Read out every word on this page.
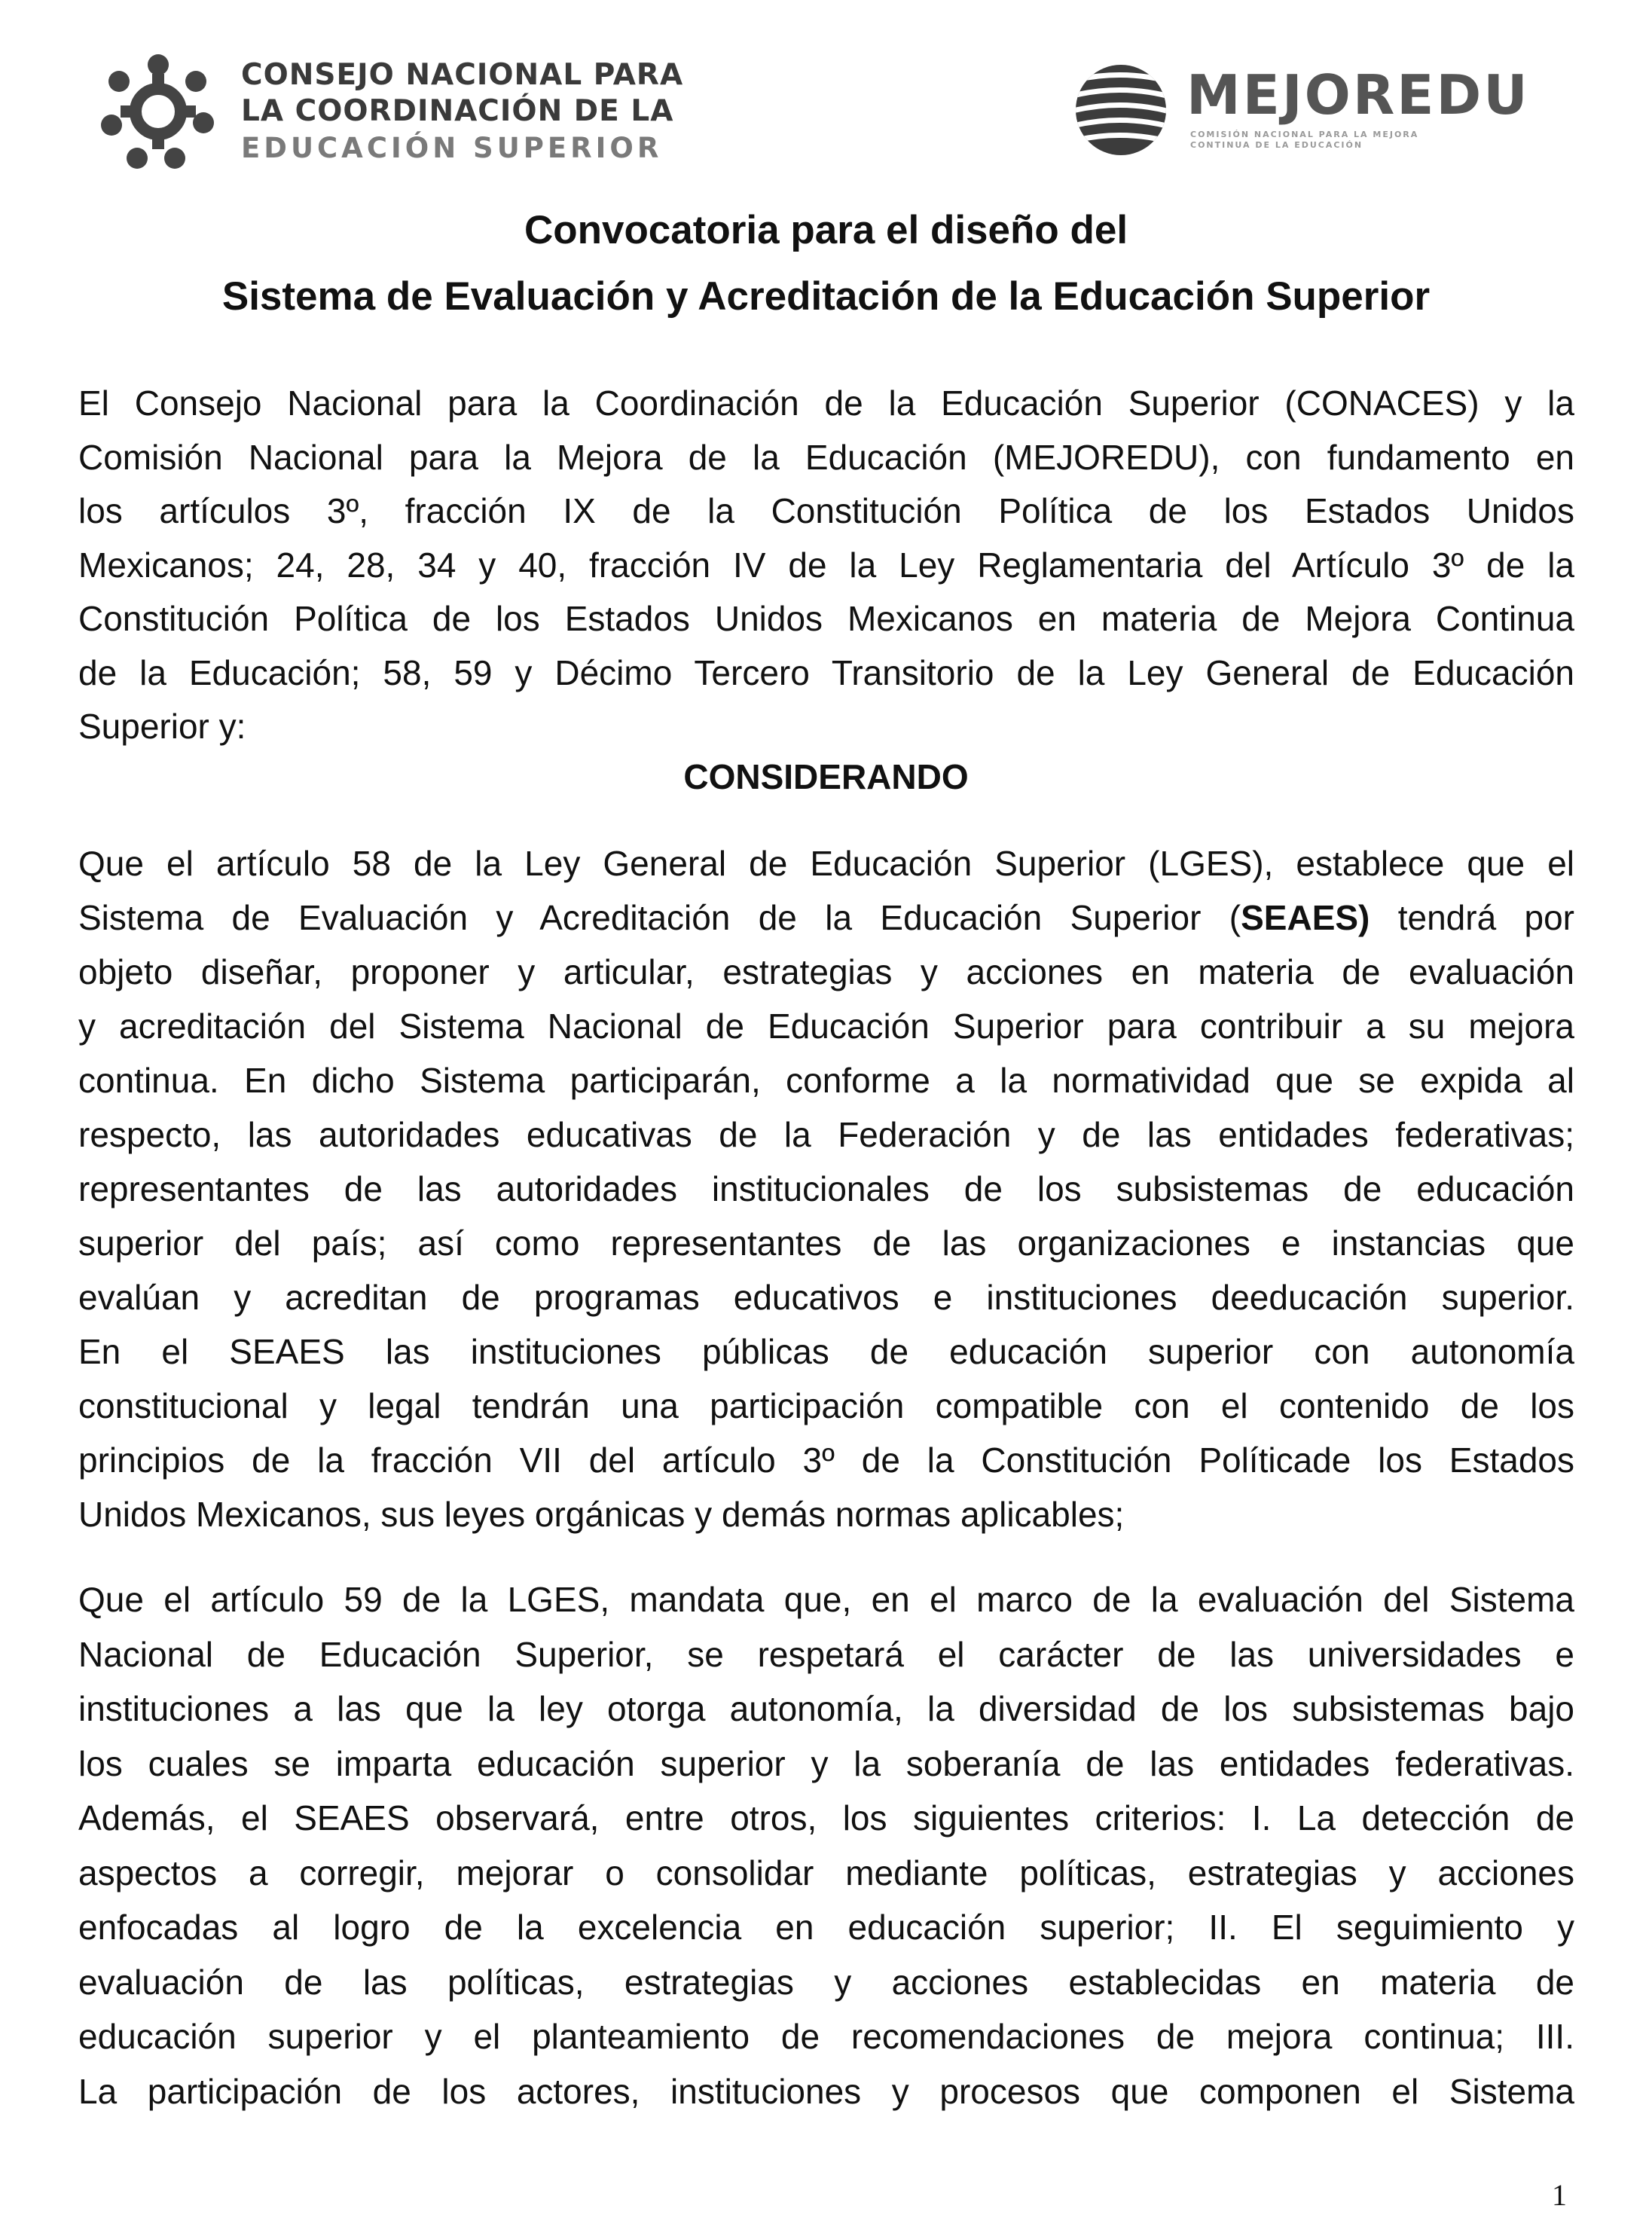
CONSEJO NACIONAL PARA
LA COORDINACIÓN DE LA
EDUCACIÓN SUPERIOR
MEJOREDU
COMISIÓN NACIONAL PARA LA MEJORA
CONTINUA DE LA EDUCACIÓN
Convocatoria para el diseño del
Sistema de Evaluación y Acreditación de la Educación Superior
El Consejo Nacional para la Coordinación de la Educación Superior (CONACES) y la
Comisión Nacional para la Mejora de la Educación (MEJOREDU), con fundamento en
los artículos 3º, fracción IX de la Constitución Política de los Estados Unidos
Mexicanos; 24, 28, 34 y 40, fracción IV de la Ley Reglamentaria del Artículo 3º de la
Constitución Política de los Estados Unidos Mexicanos en materia de Mejora Continua
de la Educación; 58, 59 y Décimo Tercero Transitorio de la Ley General de Educación
Superior y:
CONSIDERANDO
Que el artículo 58 de la Ley General de Educación Superior (LGES), establece que el
Sistema de Evaluación y Acreditación de la Educación Superior (SEAES) tendrá por
objeto diseñar, proponer y articular, estrategias y acciones en materia de evaluación
y acreditación del Sistema Nacional de Educación Superior para contribuir a su mejora
continua. En dicho Sistema participarán, conforme a la normatividad que se expida al
respecto, las autoridades educativas de la Federación y de las entidades federativas;
representantes de las autoridades institucionales de los subsistemas de educación
superior del país; así como representantes de las organizaciones e instancias que
evalúan y acreditan de programas educativos e instituciones deeducación superior.
En el SEAES las instituciones públicas de educación superior con autonomía
constitucional y legal tendrán una participación compatible con el contenido de los
principios de la fracción VII del artículo 3º de la Constitución Políticade los Estados
Unidos Mexicanos, sus leyes orgánicas y demás normas aplicables;
Que el artículo 59 de la LGES, mandata que, en el marco de la evaluación del Sistema
Nacional de Educación Superior, se respetará el carácter de las universidades e
instituciones a las que la ley otorga autonomía, la diversidad de los subsistemas bajo
los cuales se imparta educación superior y la soberanía de las entidades federativas.
Además, el SEAES observará, entre otros, los siguientes criterios: I. La detección de
aspectos a corregir, mejorar o consolidar mediante políticas, estrategias y acciones
enfocadas al logro de la excelencia en educación superior; II. El seguimiento y
evaluación de las políticas, estrategias y acciones establecidas en materia de
educación superior y el planteamiento de recomendaciones de mejora continua; III.
La participación de los actores, instituciones y procesos que componen el Sistema
1
